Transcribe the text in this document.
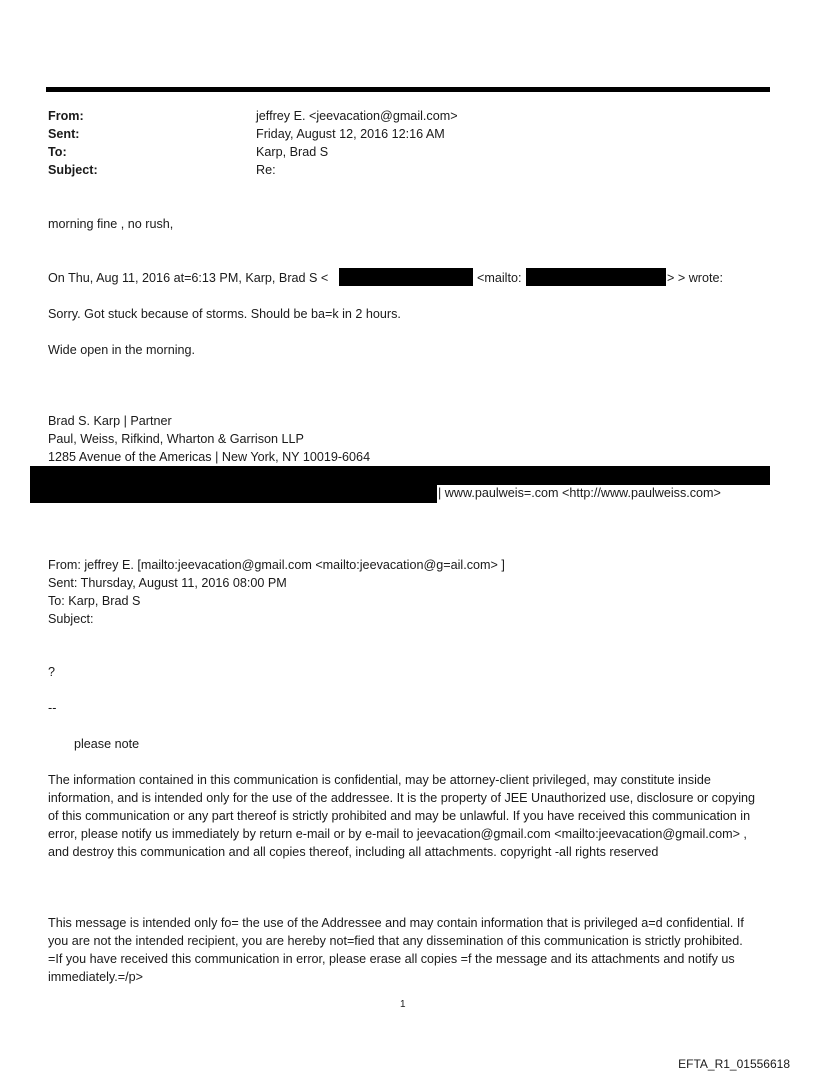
From:	jeffrey E. <jeevacation@gmail.com>
Sent:	Friday, August 12, 2016 12:16 AM
To:	Karp, Brad S
Subject:	Re:
morning fine , no rush,
On Thu, Aug 11, 2016 at=6:13 PM, Karp, Brad S <	<mailto:	> > wrote:
Sorry. Got stuck because of storms. Should be ba=k in 2 hours.
Wide open in the morning.
Brad S. Karp | Partner
Paul, Weiss, Rifkind, Wharton & Garrison LLP
1285 Avenue of the Americas | New York, NY 10019-6064
| www.paulweis=.com <http://www.paulweiss.com>
From: jeffrey E. [mailto:jeevacation@gmail.com <mailto:jeevacation@g=ail.com> ]
Sent: Thursday, August 11, 2016 08:00 PM
To: Karp, Brad S
Subject:
?
--
please note
The information contained in this communication is confidential, may be attorney-client privileged, may constitute inside information, and is intended only for the use of the addressee. It is the property of JEE Unauthorized use, disclosure or copying of this communication or any part thereof is strictly prohibited and may be unlawful. If you have received this communication in error, please notify us immediately by return e-mail or by e-mail to jeevacation@gmail.com <mailto:jeevacation@gmail.com> , and destroy this communication and all copies thereof, including all attachments. copyright -all rights reserved
This message is intended only fo= the use of the Addressee and may contain information that is privileged a=d confidential. If you are not the intended recipient, you are hereby not=fied that any dissemination of this communication is strictly prohibited. =If you have received this communication in error, please erase all copies =f the message and its attachments and notify us immediately.=/p>
1
EFTA_R1_01556618
